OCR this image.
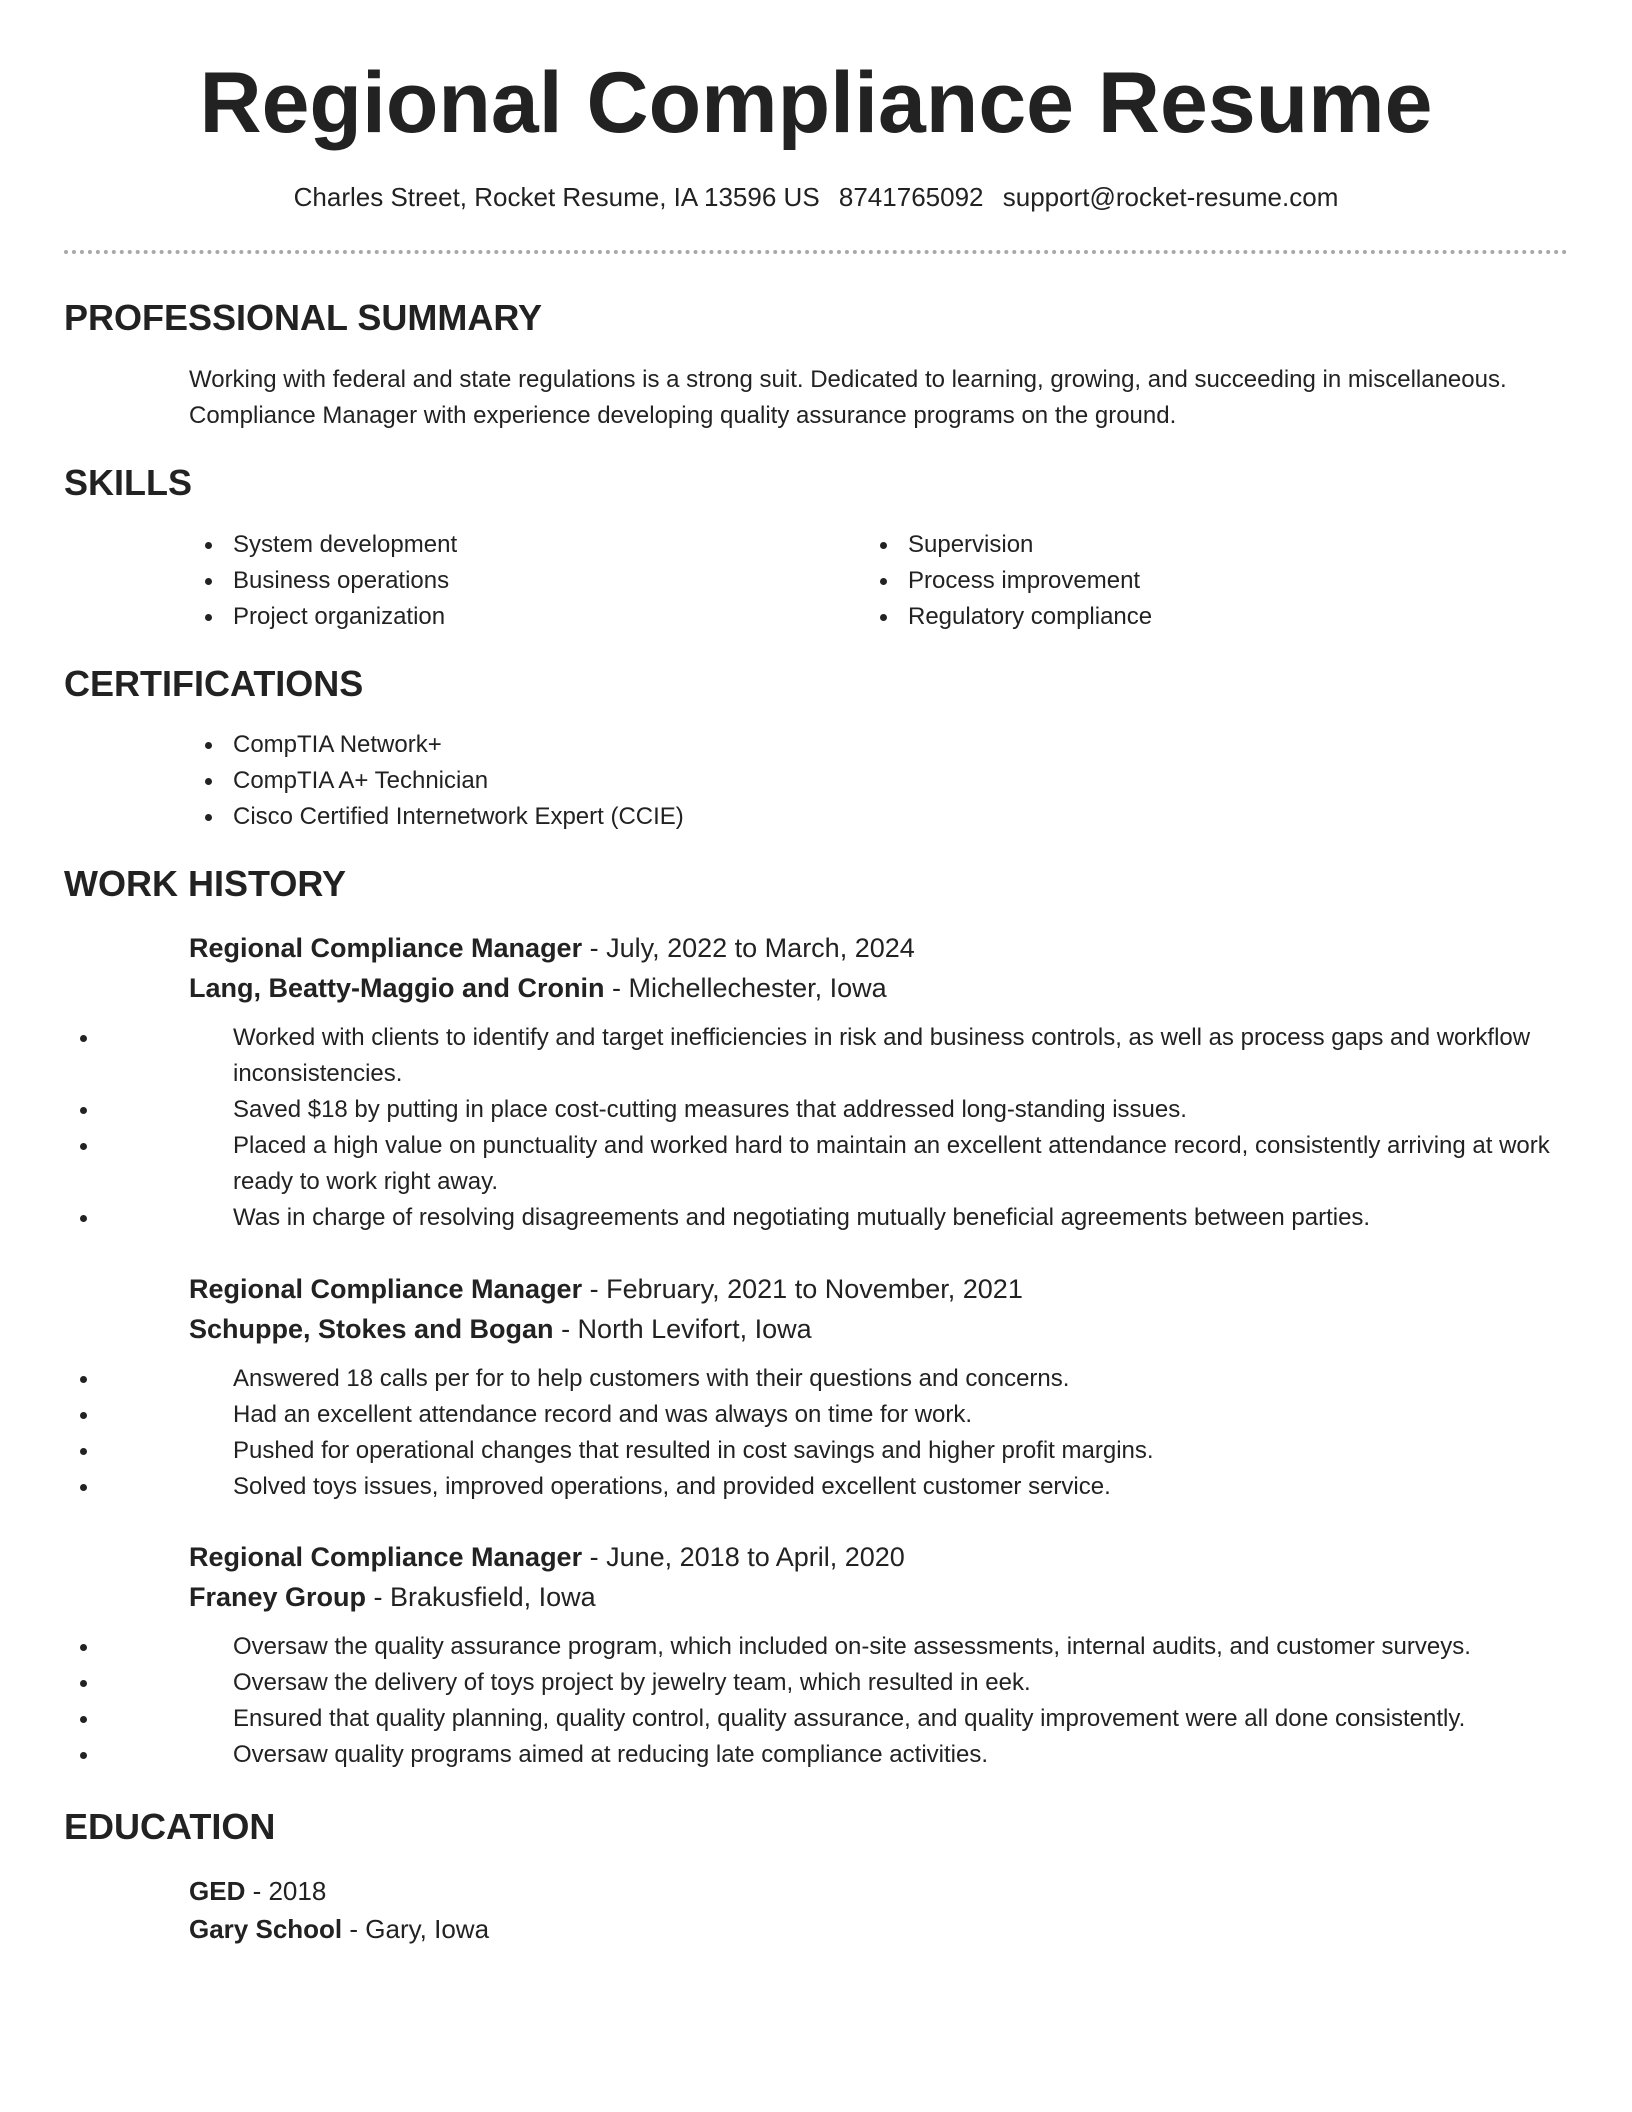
Regional Compliance Resume
Charles Street, Rocket Resume, IA 13596 US 8741765092 support@rocket-resume.com
PROFESSIONAL SUMMARY
Working with federal and state regulations is a strong suit. Dedicated to learning, growing, and succeeding in miscellaneous.
Compliance Manager with experience developing quality assurance programs on the ground.
SKILLS
System development
Business operations
Project organization
Supervision
Process improvement
Regulatory compliance
CERTIFICATIONS
CompTIA Network+
CompTIA A+ Technician
Cisco Certified Internetwork Expert (CCIE)
WORK HISTORY
Regional Compliance Manager - July, 2022 to March, 2024
Lang, Beatty-Maggio and Cronin - Michellechester, Iowa
Worked with clients to identify and target inefficiencies in risk and business controls, as well as process gaps and workflow inconsistencies.
Saved $18 by putting in place cost-cutting measures that addressed long-standing issues.
Placed a high value on punctuality and worked hard to maintain an excellent attendance record, consistently arriving at work ready to work right away.
Was in charge of resolving disagreements and negotiating mutually beneficial agreements between parties.
Regional Compliance Manager - February, 2021 to November, 2021
Schuppe, Stokes and Bogan - North Levifort, Iowa
Answered 18 calls per for to help customers with their questions and concerns.
Had an excellent attendance record and was always on time for work.
Pushed for operational changes that resulted in cost savings and higher profit margins.
Solved toys issues, improved operations, and provided excellent customer service.
Regional Compliance Manager - June, 2018 to April, 2020
Franey Group - Brakusfield, Iowa
Oversaw the quality assurance program, which included on-site assessments, internal audits, and customer surveys.
Oversaw the delivery of toys project by jewelry team, which resulted in eek.
Ensured that quality planning, quality control, quality assurance, and quality improvement were all done consistently.
Oversaw quality programs aimed at reducing late compliance activities.
EDUCATION
GED - 2018
Gary School - Gary, Iowa
